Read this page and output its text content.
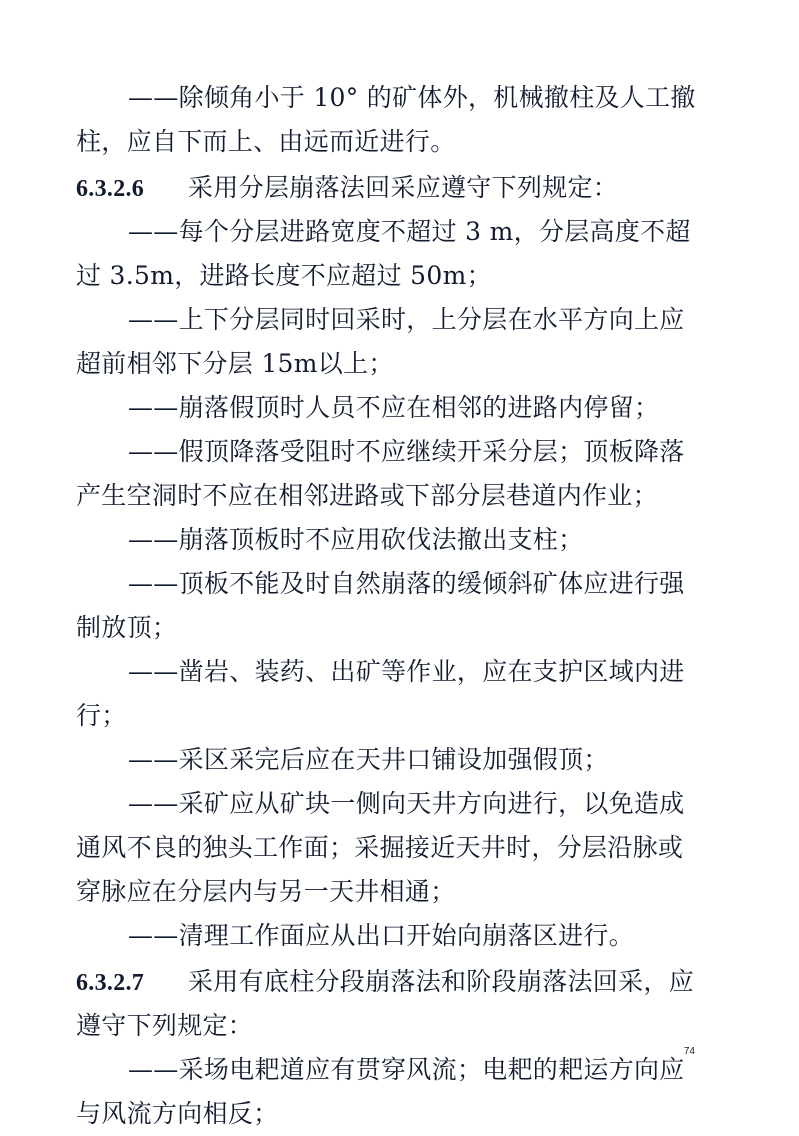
——除倾角小于 10° 的矿体外，机械撤柱及人工撤
柱，应自下而上、由远而近进行。
6.3.2.6 采用分层崩落法回采应遵守下列规定：
——每个分层进路宽度不超过 3 m，分层高度不超
过 3.5m，进路长度不应超过 50m；
——上下分层同时回采时，上分层在水平方向上应
超前相邻下分层 15m以上；
——崩落假顶时人员不应在相邻的进路内停留；
——假顶降落受阻时不应继续开采分层；顶板降落
产生空洞时不应在相邻进路或下部分层巷道内作业；
——崩落顶板时不应用砍伐法撤出支柱；
——顶板不能及时自然崩落的缓倾斜矿体应进行强
制放顶；
——凿岩、装药、出矿等作业，应在支护区域内进
行；
——采区采完后应在天井口铺设加强假顶；
——采矿应从矿块一侧向天井方向进行，以免造成
通风不良的独头工作面；采掘接近天井时，分层沿脉或
穿脉应在分层内与另一天井相通；
——清理工作面应从出口开始向崩落区进行。
6.3.2.7 采用有底柱分段崩落法和阶段崩落法回采，应
遵守下列规定：
——采场电耙道应有贯穿风流；电耙的耙运方向应
与风流方向相反；
74
